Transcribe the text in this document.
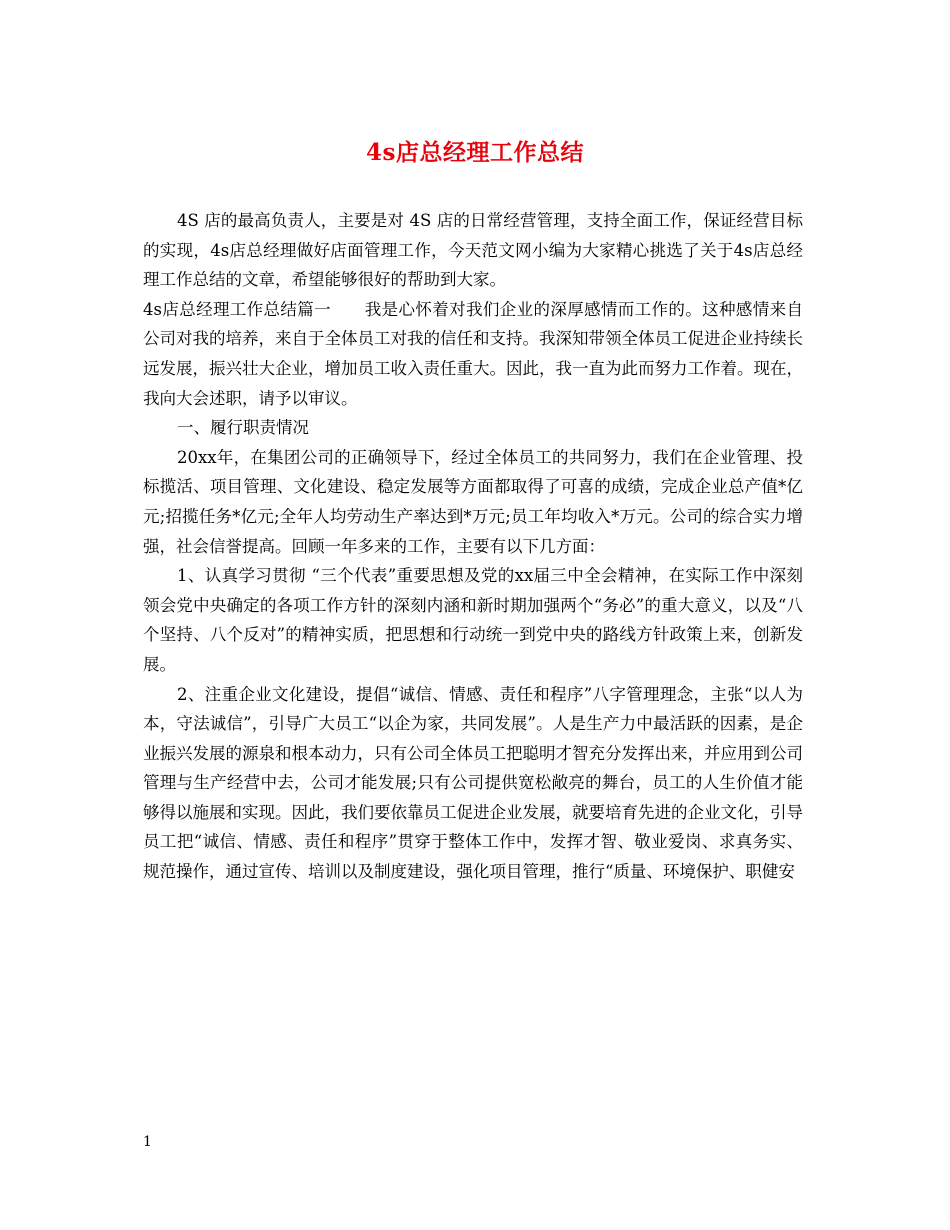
4s店总经理工作总结

4S 店的最高负责人，主要是对 4S 店的日常经营管理，支持全面工作，保证经营目标的实现，4s店总经理做好店面管理工作，今天范文网小编为大家精心挑选了关于4s店总经理工作总结的文章，希望能够很好的帮助到大家。

4s店总经理工作总结篇一　　我是心怀着对我们企业的深厚感情而工作的。这种感情来自公司对我的培养，来自于全体员工对我的信任和支持。我深知带领全体员工促进企业持续长远发展，振兴壮大企业，增加员工收入责任重大。因此，我一直为此而努力工作着。现在，我向大会述职，请予以审议。

一、履行职责情况

20xx年，在集团公司的正确领导下，经过全体员工的共同努力，我们在企业管理、投标揽活、项目管理、文化建设、稳定发展等方面都取得了可喜的成绩，完成企业总产值*亿元;招揽任务*亿元;全年人均劳动生产率达到*万元;员工年均收入*万元。公司的综合实力增强，社会信誉提高。回顾一年多来的工作，主要有以下几方面：

1、认真学习贯彻 “三个代表”重要思想及党的xx届三中全会精神，在实际工作中深刻领会党中央确定的各项工作方针的深刻内涵和新时期加强两个“务必”的重大意义，以及“八个坚持、八个反对”的精神实质，把思想和行动统一到党中央的路线方针政策上来，创新发展。

2、注重企业文化建设，提倡“诚信、情感、责任和程序”八字管理理念，主张“以人为本，守法诚信”，引导广大员工“以企为家，共同发展”。人是生产力中最活跃的因素，是企业振兴发展的源泉和根本动力，只有公司全体员工把聪明才智充分发挥出来，并应用到公司管理与生产经营中去，公司才能发展;只有公司提供宽松敞亮的舞台，员工的人生价值才能够得以施展和实现。因此，我们要依靠员工促进企业发展，就要培育先进的企业文化，引导员工把“诚信、情感、责任和程序”贯穿于整体工作中，发挥才智、敬业爱岗、求真务实、规范操作，通过宣传、培训以及制度建设，强化项目管理，推行“质量、环境保护、职健安

1
